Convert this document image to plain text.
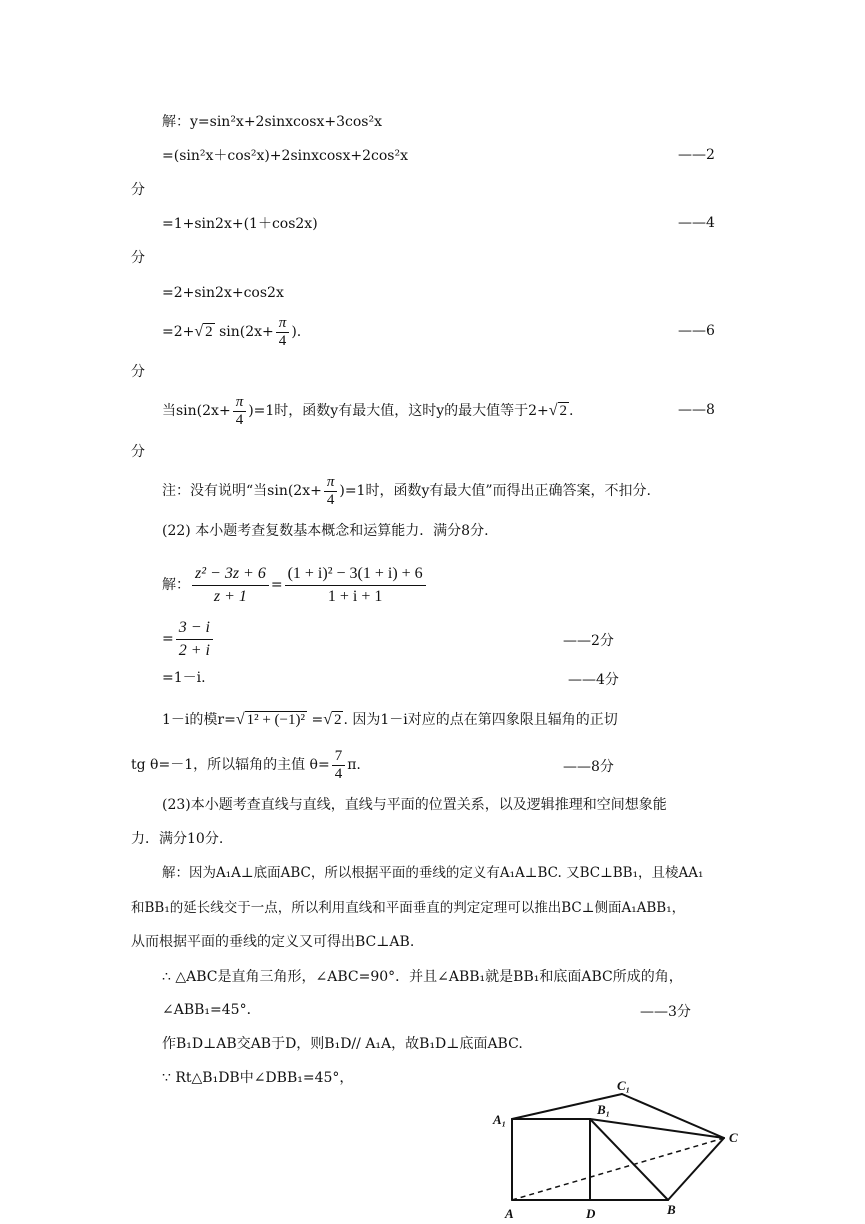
解：y=sin²x+2sinxcosx+3cos²x
=(sin²x＋cos²x)+2sinxcosx+2cos²x	——2
分
=1+sin2x+(1＋cos2x)	——4
分
=2+sin2x+cos2x
=2+√ 2 $\sin(2x+ \frac{\pi}{4}$ ).	——6
分
当$\sin(2x+ \frac{\pi}{4} )=1$时，函数y有最大值，这时y的最大值等于2+√ 2 .	——8
分
注：没有说明“当$\sin(2x+ \frac{\pi}{4} )=1$时，函数y有最大值”而得出正确答案，不扣分.
(22) 本小题考查复数基本概念和运算能力．满分8分.
解： $\frac{\text{z² − 3z + 6}}{z + 1} = \frac{\text{(1 + i)² − 3(1 + i) + 6}}{1 + i + 1}$
= $\frac{3 - i}{2 + i}$	——2分
=1－i.	——4分
1－i的模r=√ 1² + (−1)² =√ 2 . 因为1－i对应的点在第四象限且辐角的正切
tg θ=－1，所以辐角的主值 $\theta= \frac{7}{4} \pi$.	——8分
(23)本小题考查直线与直线，直线与平面的位置关系，以及逻辑推理和空间想象能
力．满分10分.
解：因为A₁A⊥底面ABC，所以根据平面的垂线的定义有A₁A⊥BC. 又BC⊥BB₁，且棱AA₁
和BB₁的延长线交于一点，所以利用直线和平面垂直的判定定理可以推出BC⊥侧面A₁ABB₁，
从而根据平面的垂线的定义又可得出BC⊥AB.
∴ △ABC是直角三角形，∠ABC=90°．并且∠ABB₁就是BB₁和底面ABC所成的角，
∠ABB₁=45°．	——3分
作B₁D⊥AB交AB于D，则B₁D// A₁A，故B₁D⊥底面ABC.
∵ Rt△B₁DB中∠DBB₁=45°，
A₁
C₁
B₁
C
A	D	B
